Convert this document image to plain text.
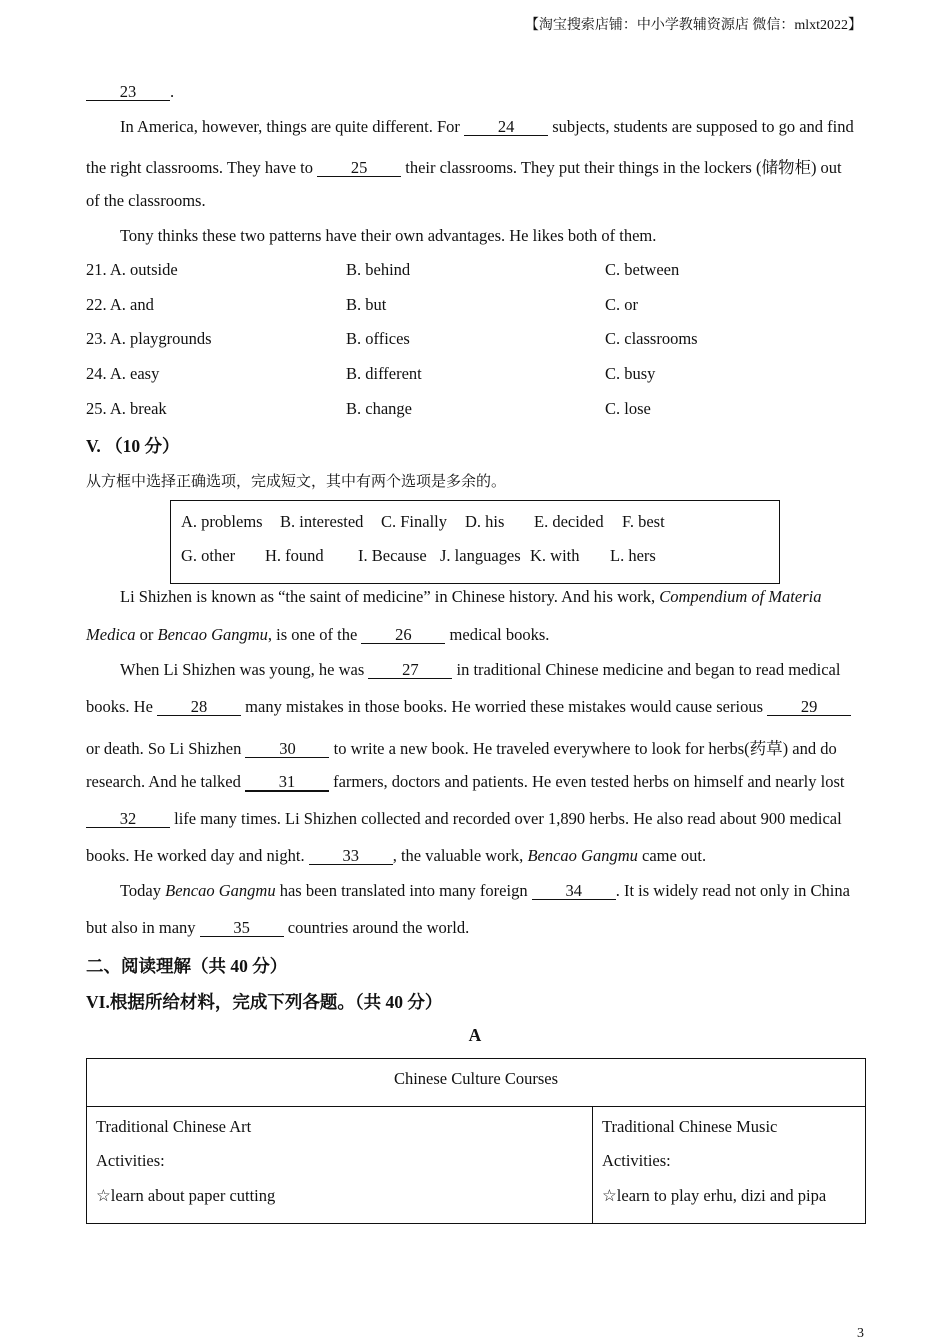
【淘宝搜索店铺：中小学教辅资源店 微信：mlxt2022】
23 .
In America, however, things are quite different. For 24 subjects, students are supposed to go and find
the right classrooms. They have to 25 their classrooms. They put their things in the lockers (储物柜) out
of the classrooms.
Tony thinks these two patterns have their own advantages. He likes both of them.
21. A. outside	B. behind	C. between
22. A. and	B. but	C. or
23. A. playgrounds	B. offices	C. classrooms
24. A. easy	B. different	C. busy
25. A. break	B. change	C. lose
V. （10 分）
从方框中选择正确选项，完成短文，其中有两个选项是多余的。
A. problems B. interested C. Finally D. his E. decided F. best
G. other H. found I. Because J. languages K. with L. hers
Li Shizhen is known as “the saint of medicine” in Chinese history. And his work, Compendium of Materia
Medica or Bencao Gangmu, is one of the 26 medical books.
When Li Shizhen was young, he was 27 in traditional Chinese medicine and began to read medical
books. He 28 many mistakes in those books. He worried these mistakes would cause serious 29
or death. So Li Shizhen 30 to write a new book. He traveled everywhere to look for herbs(药草) and do
research. And he talked 31 farmers, doctors and patients. He even tested herbs on himself and nearly lost
32 life many times. Li Shizhen collected and recorded over 1,890 herbs. He also read about 900 medical
books. He worked day and night. 33 , the valuable work, Bencao Gangmu came out.
Today Bencao Gangmu has been translated into many foreign 34 . It is widely read not only in China
but also in many 35 countries around the world.
二、阅读理解（共 40 分）
VI.根据所给材料，完成下列各题。（共 40 分）
A
Chinese Culture Courses
Traditional Chinese Art
Activities:
☆learn about paper cutting
Traditional Chinese Music
Activities:
☆learn to play erhu, dizi and pipa
3
